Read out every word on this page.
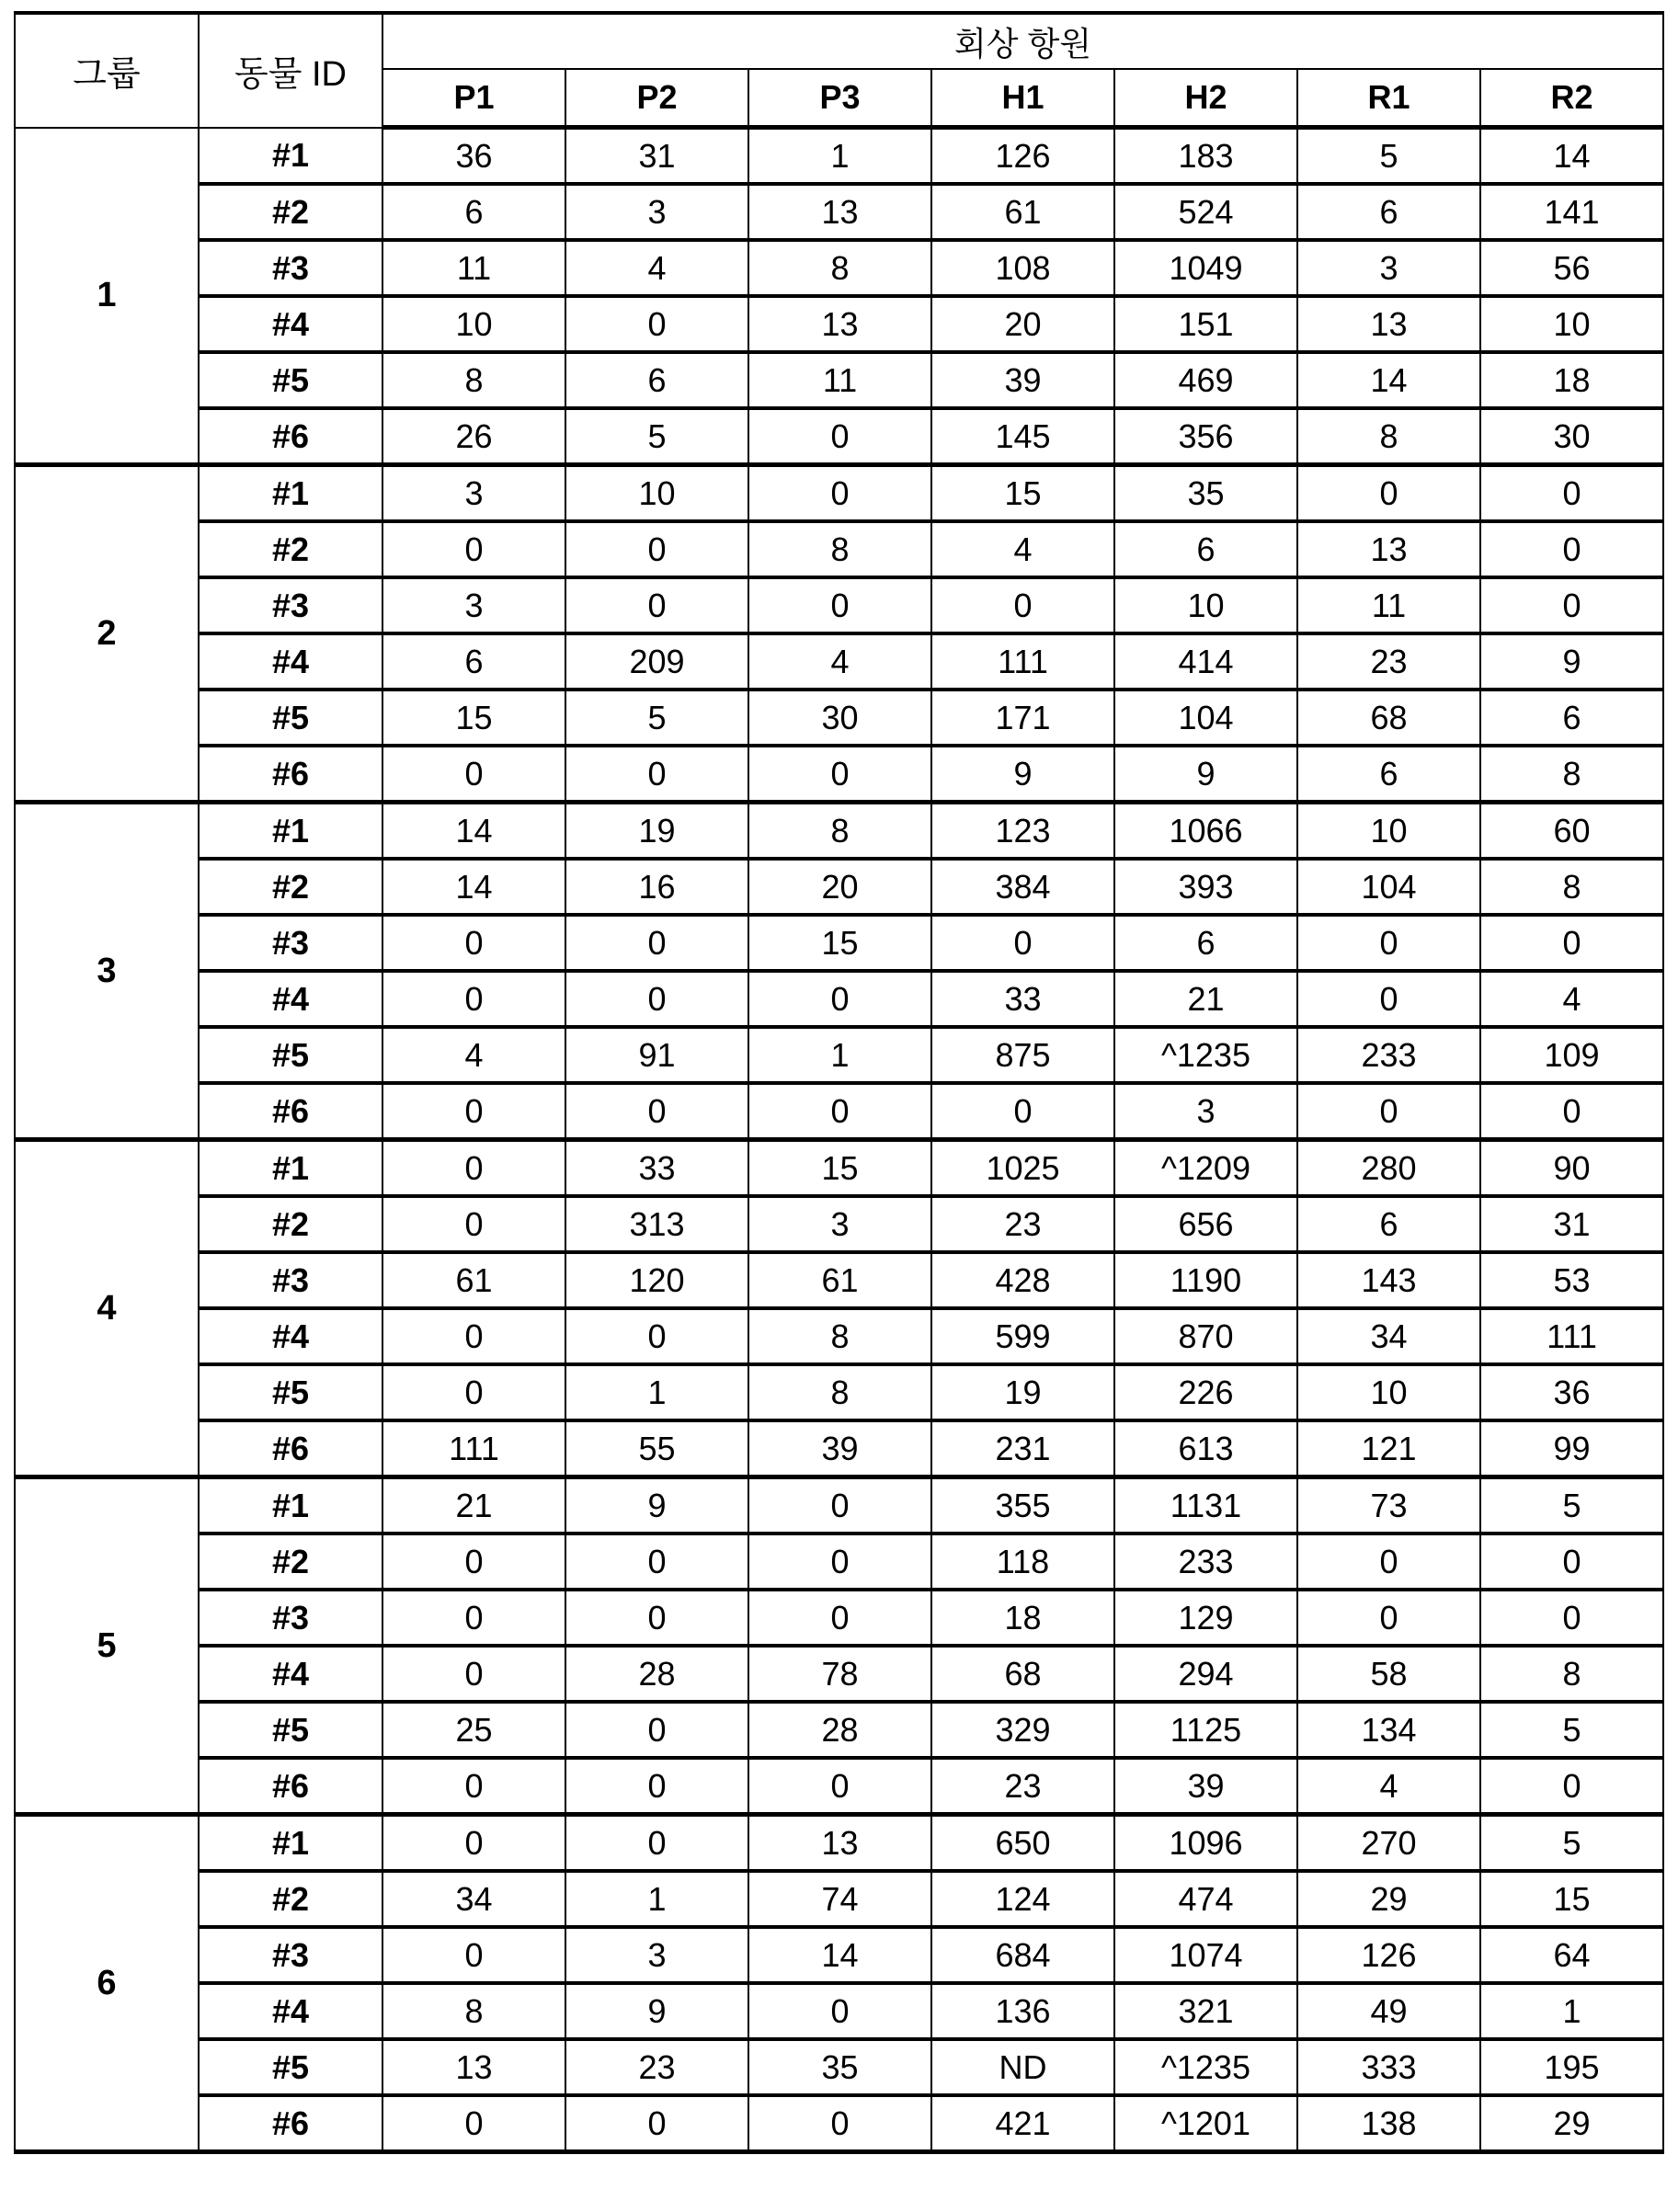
그룹	동물 ID	회상 항원
P1	P2	P3	H1	H2	R1	R2
1	#1	36	31	1	126	183	5	14
#2	6	3	13	61	524	6	141
#3	11	4	8	108	1049	3	56
#4	10	0	13	20	151	13	10
#5	8	6	11	39	469	14	18
#6	26	5	0	145	356	8	30
2	#1	3	10	0	15	35	0	0
#2	0	0	8	4	6	13	0
#3	3	0	0	0	10	11	0
#4	6	209	4	111	414	23	9
#5	15	5	30	171	104	68	6
#6	0	0	0	9	9	6	8
3	#1	14	19	8	123	1066	10	60
#2	14	16	20	384	393	104	8
#3	0	0	15	0	6	0	0
#4	0	0	0	33	21	0	4
#5	4	91	1	875	^1235	233	109
#6	0	0	0	0	3	0	0
4	#1	0	33	15	1025	^1209	280	90
#2	0	313	3	23	656	6	31
#3	61	120	61	428	1190	143	53
#4	0	0	8	599	870	34	111
#5	0	1	8	19	226	10	36
#6	111	55	39	231	613	121	99
5	#1	21	9	0	355	1131	73	5
#2	0	0	0	118	233	0	0
#3	0	0	0	18	129	0	0
#4	0	28	78	68	294	58	8
#5	25	0	28	329	1125	134	5
#6	0	0	0	23	39	4	0
6	#1	0	0	13	650	1096	270	5
#2	34	1	74	124	474	29	15
#3	0	3	14	684	1074	126	64
#4	8	9	0	136	321	49	1
#5	13	23	35	ND	^1235	333	195
#6	0	0	0	421	^1201	138	29
